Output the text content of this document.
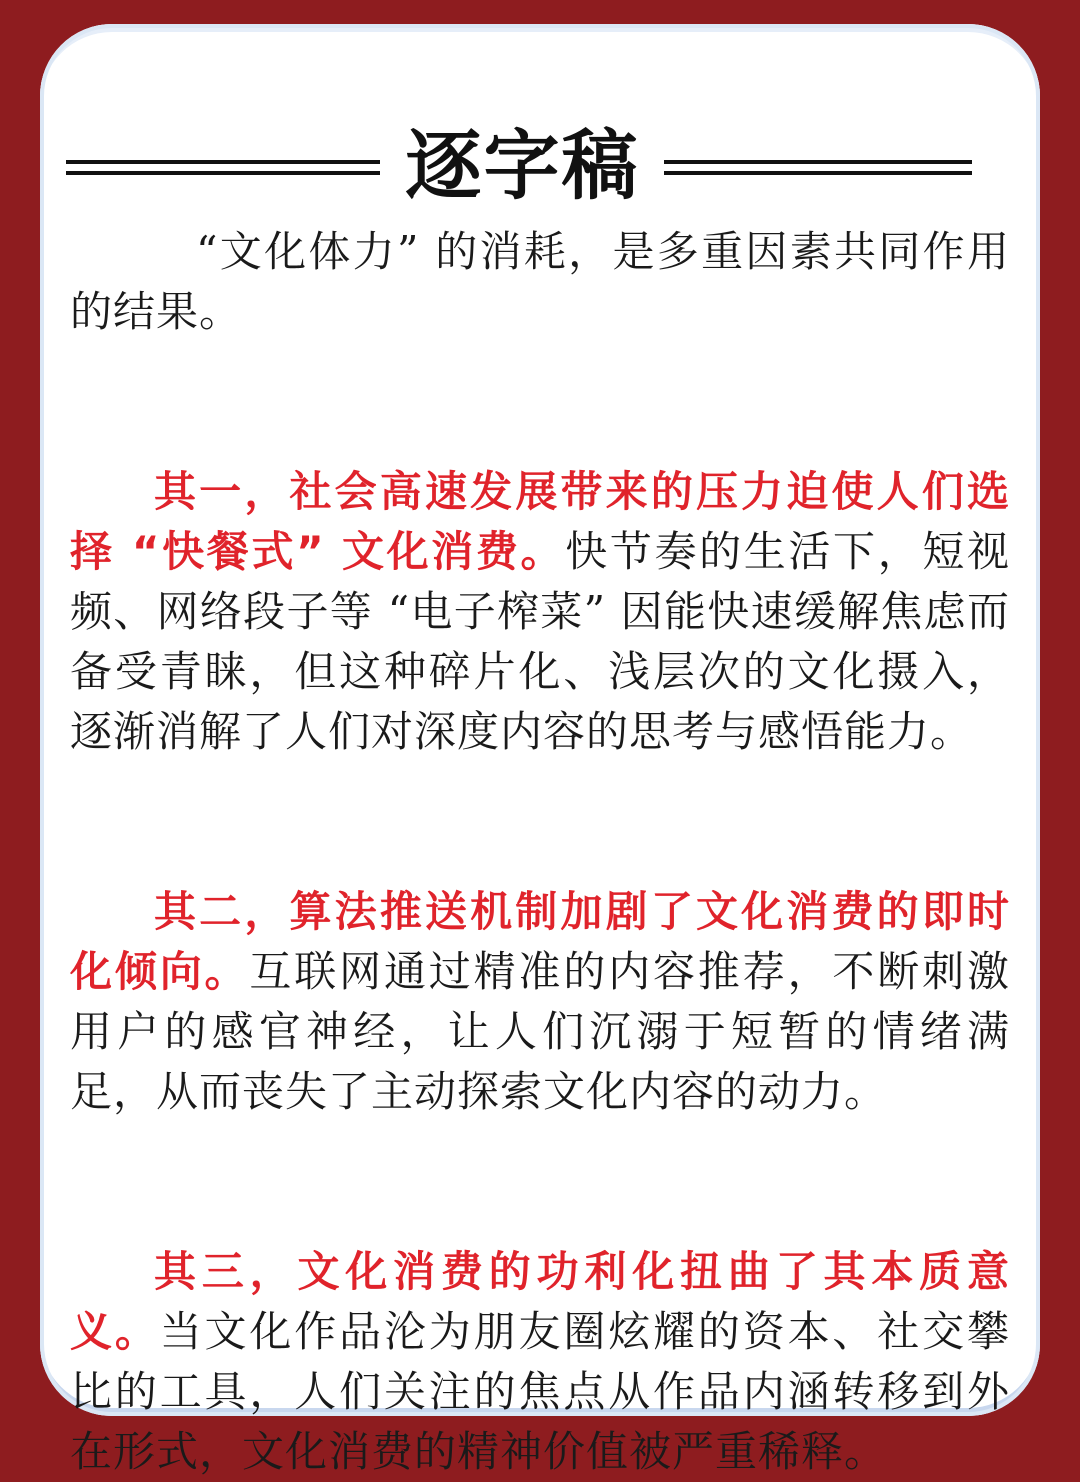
逐字稿

“文化体力” 的消耗，是多重因素共同作用的结果。

其一，社会高速发展带来的压力迫使人们选择 “快餐式” 文化消费。快节奏的生活下，短视频、网络段子等 “电子榨菜” 因能快速缓解焦虑而备受青睐，但这种碎片化、浅层次的文化摄入，逐渐消解了人们对深度内容的思考与感悟能力。

其二，算法推送机制加剧了文化消费的即时化倾向。互联网通过精准的内容推荐，不断刺激用户的感官神经，让人们沉溺于短暂的情绪满足，从而丧失了主动探索文化内容的动力。

其三，文化消费的功利化扭曲了其本质意义。当文化作品沦为朋友圈炫耀的资本、社交攀比的工具，人们关注的焦点从作品内涵转移到外在形式，文化消费的精神价值被严重稀释。
